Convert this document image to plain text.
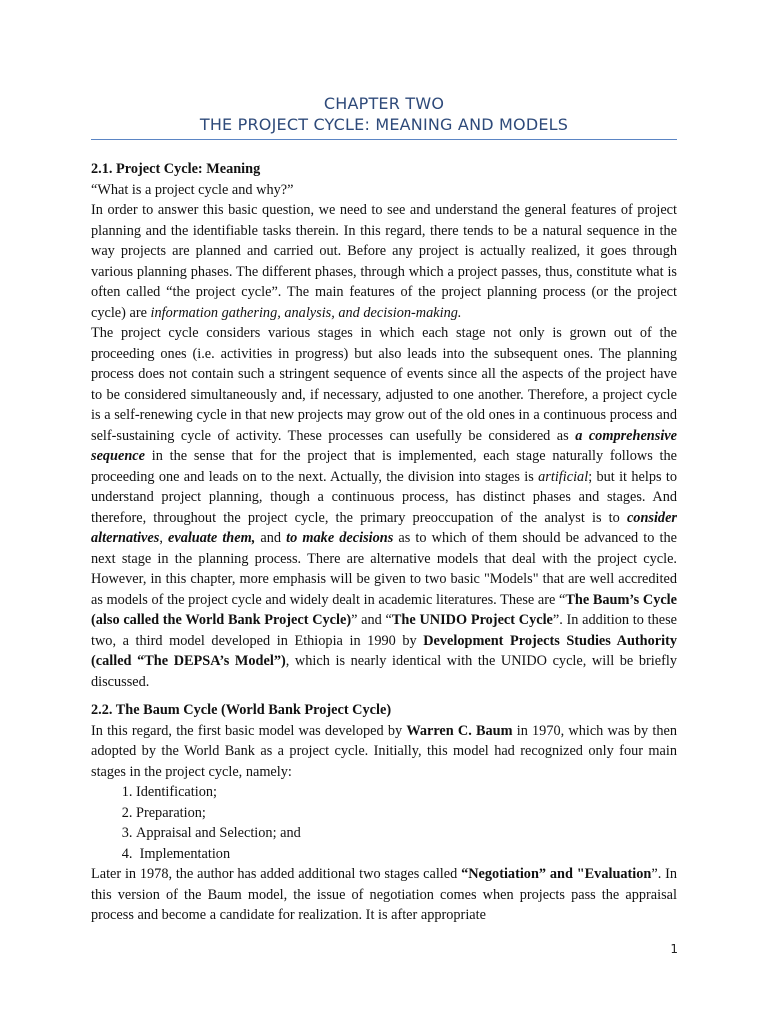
CHAPTER TWO
THE PROJECT CYCLE: MEANING AND MODELS
2.1. Project Cycle: Meaning

“What is a project cycle and why?”

In order to answer this basic question, we need to see and understand the general features of project planning and the identifiable tasks therein. In this regard, there tends to be a natural sequence in the way projects are planned and carried out. Before any project is actually realized, it goes through various planning phases. The different phases, through which a project passes, thus, constitute what is often called “the project cycle”. The main features of the project planning process (or the project cycle) are information gathering, analysis, and decision-making.

The project cycle considers various stages in which each stage not only is grown out of the proceeding ones (i.e. activities in progress) but also leads into the subsequent ones. The planning process does not contain such a stringent sequence of events since all the aspects of the project have to be considered simultaneously and, if necessary, adjusted to one another. Therefore, a project cycle is a self-renewing cycle in that new projects may grow out of the old ones in a continuous process and self-sustaining cycle of activity. These processes can usefully be considered as a comprehensive sequence in the sense that for the project that is implemented, each stage naturally follows the proceeding one and leads on to the next. Actually, the division into stages is artificial; but it helps to understand project planning, though a continuous process, has distinct phases and stages. And therefore, throughout the project cycle, the primary preoccupation of the analyst is to consider alternatives, evaluate them, and to make decisions as to which of them should be advanced to the next stage in the planning process. There are alternative models that deal with the project cycle. However, in this chapter, more emphasis will be given to two basic "Models" that are well accredited as models of the project cycle and widely dealt in academic literatures. These are “The Baum’s Cycle (also called the World Bank Project Cycle)” and “The UNIDO Project Cycle”. In addition to these two, a third model developed in Ethiopia in 1990 by Development Projects Studies Authority (called “The DEPSA’s Model”), which is nearly identical with the UNIDO cycle, will be briefly discussed.

2.2. The Baum Cycle (World Bank Project Cycle)

In this regard, the first basic model was developed by Warren C. Baum in 1970, which was by then adopted by the World Bank as a project cycle. Initially, this model had recognized only four main stages in the project cycle, namely:

1. Identification;
2. Preparation;
3. Appraisal and Selection; and
4.  Implementation

Later in 1978, the author has added additional two stages called “Negotiation” and "Evaluation”. In this version of the Baum model, the issue of negotiation comes when projects pass the appraisal process and become a candidate for realization. It is after appropriate

1
